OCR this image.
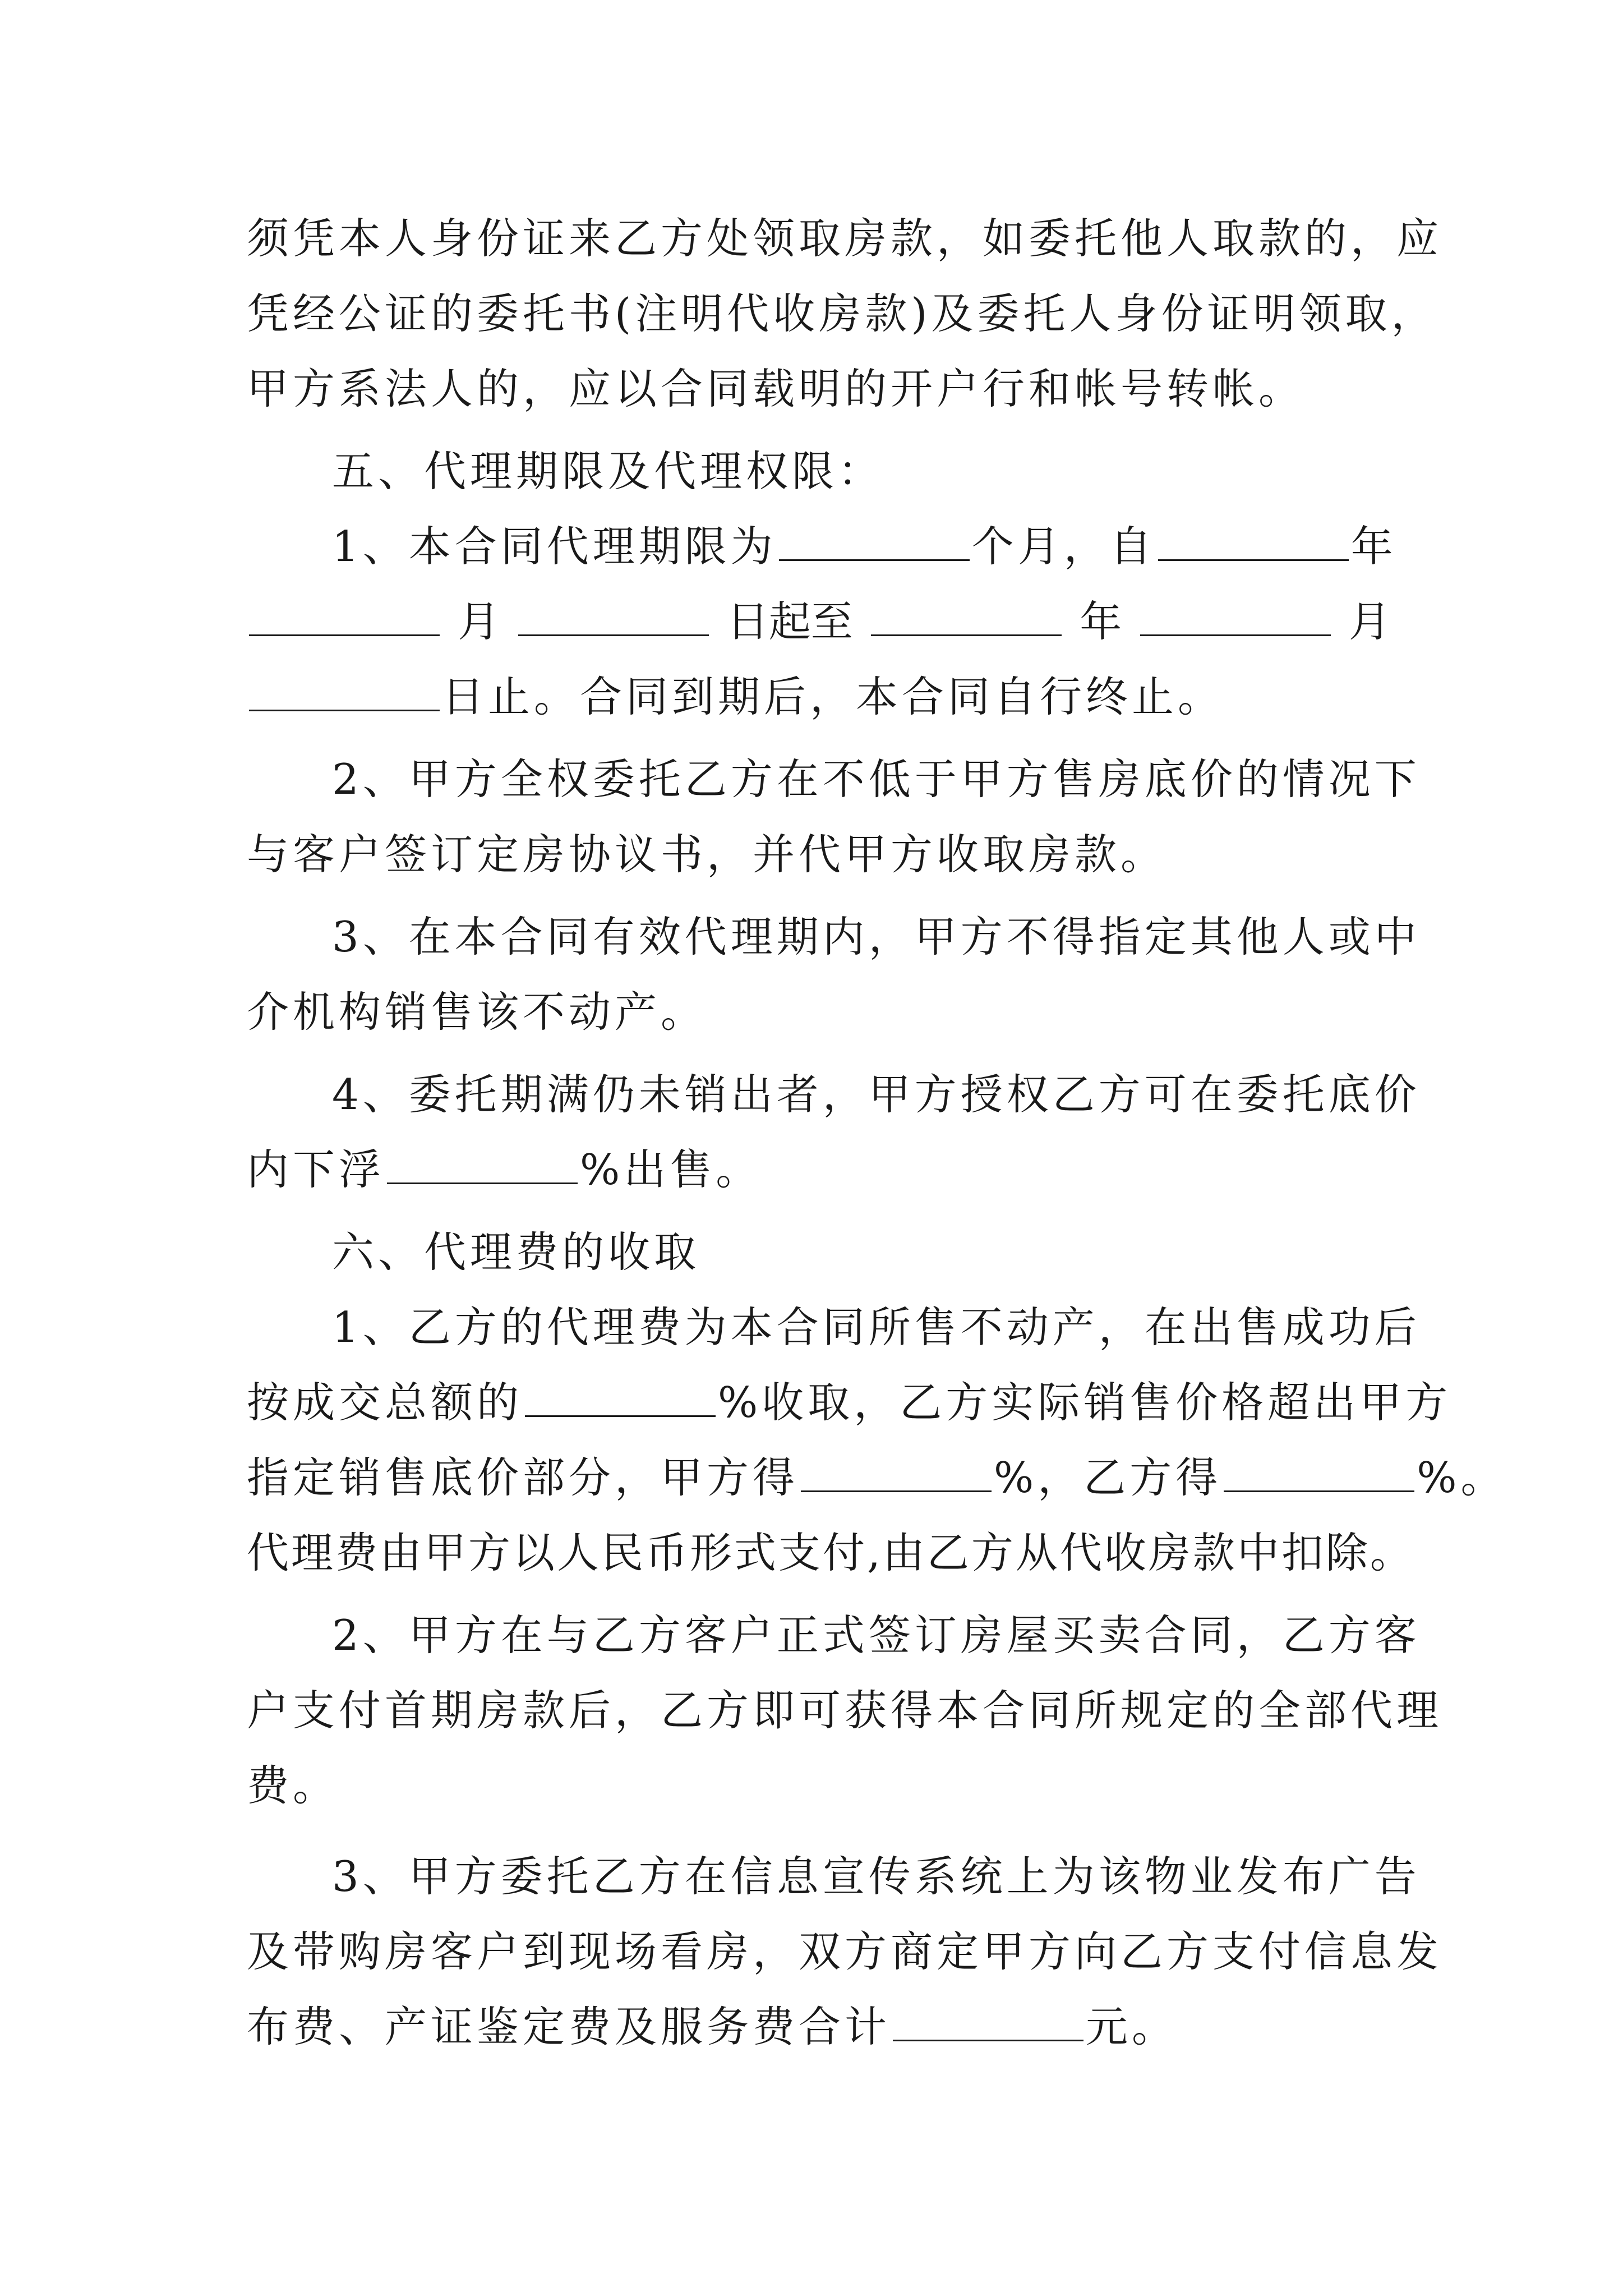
须凭本人身份证来乙方处领取房款，如委托他人取款的，应

凭经公证的委托书(注明代收房款)及委托人身份证明领取，

甲方系法人的，应以合同载明的开户行和帐号转帐。

五、代理期限及代理权限：

1、本合同代理期限为	个月，自	年

月	日起至	年	月

日止。合同到期后，本合同自行终止。

2、甲方全权委托乙方在不低于甲方售房底价的情况下

与客户签订定房协议书，并代甲方收取房款。

3、在本合同有效代理期内，甲方不得指定其他人或中

介机构销售该不动产。

4、委托期满仍未销出者，甲方授权乙方可在委托底价

内下浮	%出售。

六、代理费的收取

1、乙方的代理费为本合同所售不动产，在出售成功后

按成交总额的	%收取，乙方实际销售价格超出甲方

指定销售底价部分，甲方得	%，乙方得	%。

代理费由甲方以人民币形式支付,由乙方从代收房款中扣除。

2、甲方在与乙方客户正式签订房屋买卖合同，乙方客

户支付首期房款后，乙方即可获得本合同所规定的全部代理

费。

3、甲方委托乙方在信息宣传系统上为该物业发布广告

及带购房客户到现场看房，双方商定甲方向乙方支付信息发

布费、产证鉴定费及服务费合计	元。
